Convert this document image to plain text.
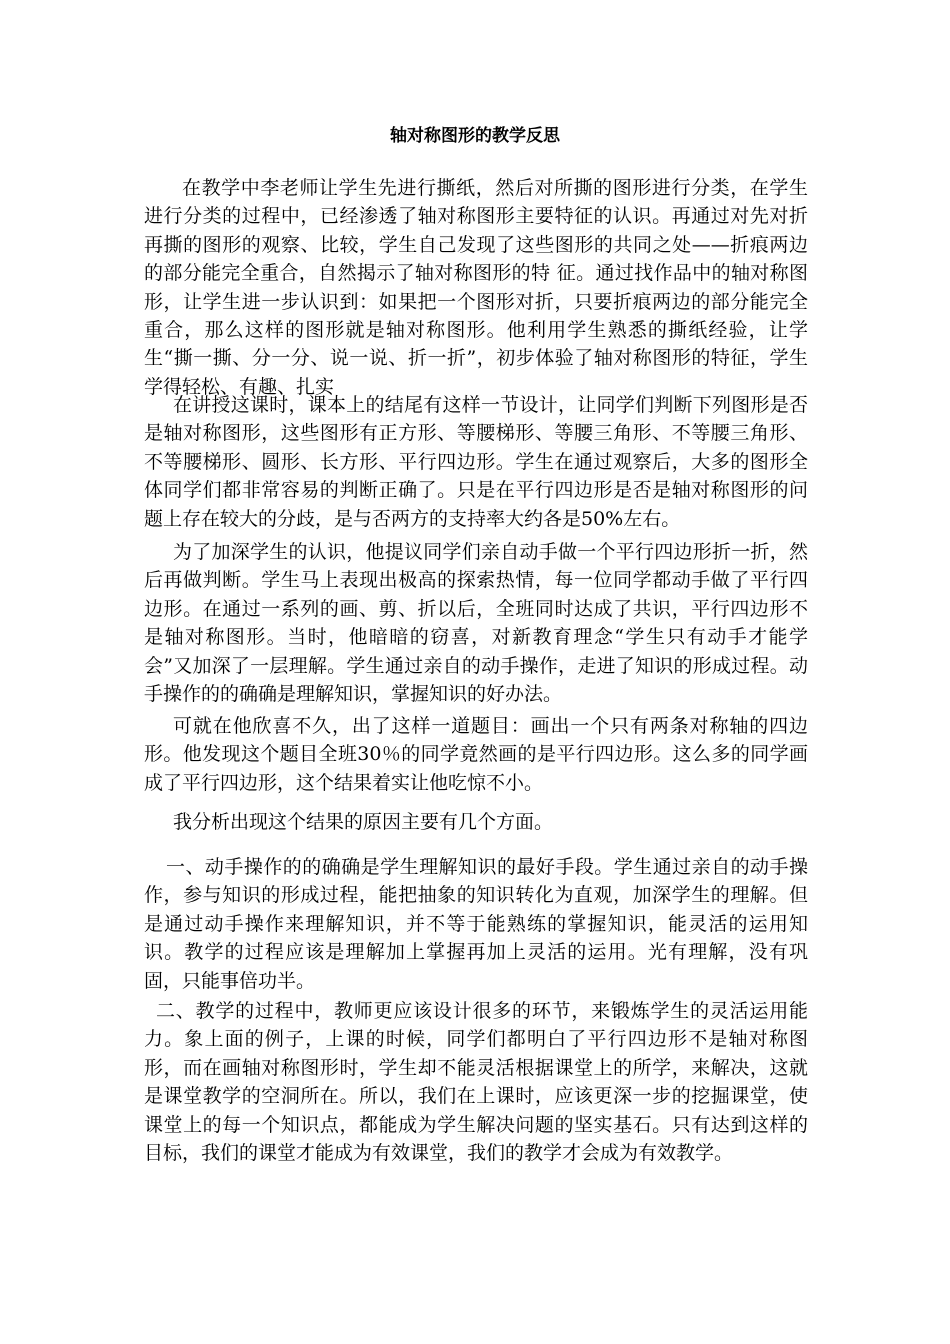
轴对称图形的教学反思

在教学中李老师让学生先进行撕纸，然后对所撕的图形进行分类，在学生进行分类的过程中，已经渗透了轴对称图形主要特征的认识。再通过对先对折再撕的图形的观察、比较，学生自己发现了这些图形的共同之处——折痕两边的部分能完全重合，自然揭示了轴对称图形的特 征。通过找作品中的轴对称图形，让学生进一步认识到：如果把一个图形对折，只要折痕两边的部分能完全重合，那么这样的图形就是轴对称图形。他利用学生熟悉的撕纸经验，让学生“撕一撕、分一分、说一说、折一折”，初步体验了轴对称图形的特征，学生学得轻松、有趣、扎实

在讲授这课时，课本上的结尾有这样一节设计，让同学们判断下列图形是否是轴对称图形，这些图形有正方形、等腰梯形、等腰三角形、不等腰三角形、不等腰梯形、圆形、长方形、平行四边形。学生在通过观察后，大多的图形全体同学们都非常容易的判断正确了。只是在平行四边形是否是轴对称图形的问题上存在较大的分歧，是与否两方的支持率大约各是50%左右。

为了加深学生的认识，他提议同学们亲自动手做一个平行四边形折一折，然后再做判断。学生马上表现出极高的探索热情，每一位同学都动手做了平行四边形。在通过一系列的画、剪、折以后，全班同时达成了共识，平行四边形不是轴对称图形。当时，他暗暗的窃喜，对新教育理念“学生只有动手才能学会”又加深了一层理解。学生通过亲自的动手操作，走进了知识的形成过程。动手操作的的确确是理解知识，掌握知识的好办法。

可就在他欣喜不久，出了这样一道题目：画出一个只有两条对称轴的四边形。他发现这个题目全班30％的同学竟然画的是平行四边形。这么多的同学画成了平行四边形，这个结果着实让他吃惊不小。

我分析出现这个结果的原因主要有几个方面。

一、动手操作的的确确是学生理解知识的最好手段。学生通过亲自的动手操作，参与知识的形成过程，能把抽象的知识转化为直观，加深学生的理解。但是通过动手操作来理解知识，并不等于能熟练的掌握知识，能灵活的运用知识。教学的过程应该是理解加上掌握再加上灵活的运用。光有理解，没有巩固，只能事倍功半。

二、教学的过程中，教师更应该设计很多的环节，来锻炼学生的灵活运用能力。象上面的例子，上课的时候，同学们都明白了平行四边形不是轴对称图形，而在画轴对称图形时，学生却不能灵活根据课堂上的所学，来解决，这就是课堂教学的空洞所在。所以，我们在上课时，应该更深一步的挖掘课堂，使课堂上的每一个知识点，都能成为学生解决问题的坚实基石。只有达到这样的目标，我们的课堂才能成为有效课堂，我们的教学才会成为有效教学。
